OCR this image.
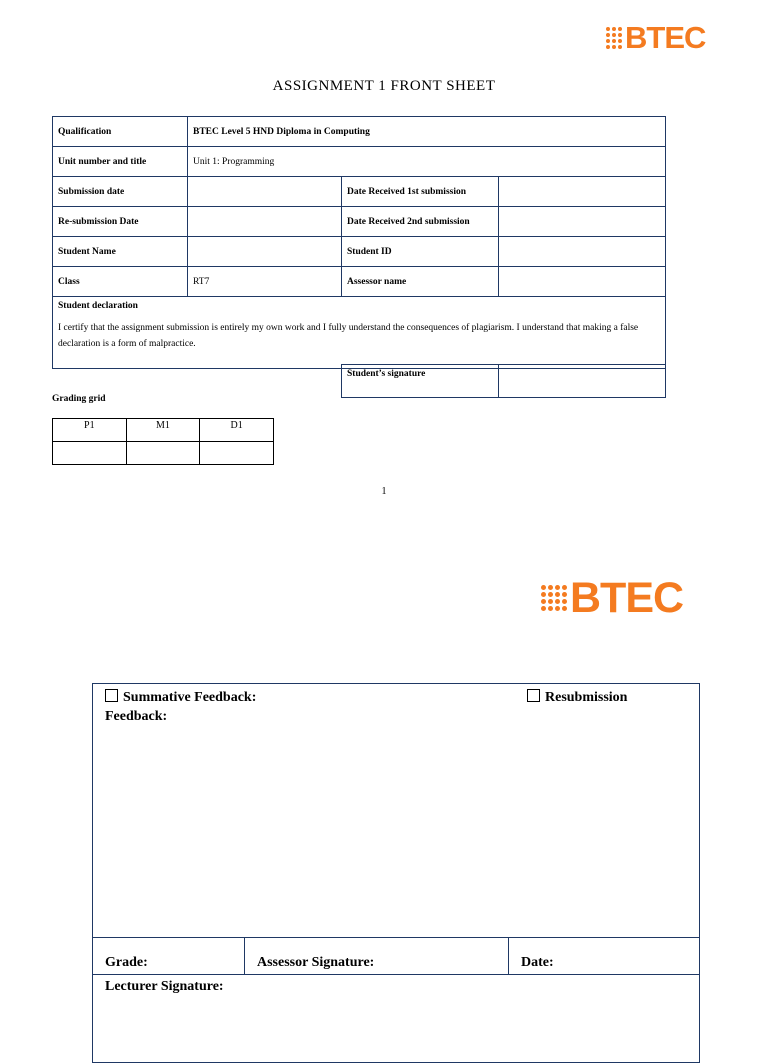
BTEC
ASSIGNMENT 1 FRONT SHEET
Qualification	BTEC Level 5 HND Diploma in Computing		
Unit number and title	Unit 1: Programming		
Submission date		Date Received 1st submission	
Re-submission Date		Date Received 2nd submission	
Student Name		Student ID	
Class	RT7	Assessor name	

Student declaration
I certify that the assignment submission is entirely my own work and I fully understand the consequences of plagiarism. I understand that making a false declaration is a form of malpractice.			
Student’s signature	
Grading grid
P1	M1	D1

1
BTEC
Summative Feedback:	Resubmission
Feedback:
Grade:	Assessor Signature:	Date:
Lecturer Signature:
